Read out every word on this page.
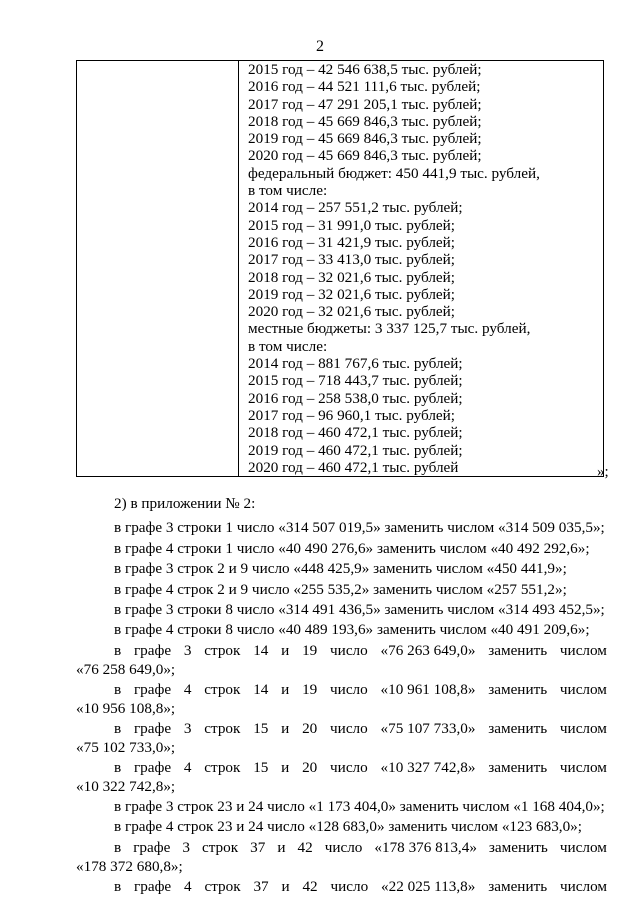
2

2015 год – 42 546 638,5 тыс. рублей;
2016 год – 44 521 111,6 тыс. рублей;
2017 год – 47 291 205,1 тыс. рублей;
2018 год – 45 669 846,3 тыс. рублей;
2019 год – 45 669 846,3 тыс. рублей;
2020 год – 45 669 846,3 тыс. рублей;
федеральный бюджет: 450 441,9 тыс. рублей,
в том числе:
2014 год – 257 551,2 тыс. рублей;
2015 год – 31 991,0 тыс. рублей;
2016 год – 31 421,9 тыс. рублей;
2017 год – 33 413,0 тыс. рублей;
2018 год – 32 021,6 тыс. рублей;
2019 год – 32 021,6 тыс. рублей;
2020 год – 32 021,6 тыс. рублей;
местные бюджеты: 3 337 125,7 тыс. рублей,
в том числе:
2014 год – 881 767,6 тыс. рублей;
2015 год – 718 443,7 тыс. рублей;
2016 год – 258 538,0 тыс. рублей;
2017 год – 96 960,1 тыс. рублей;
2018 год – 460 472,1 тыс. рублей;
2019 год – 460 472,1 тыс. рублей;
2020 год – 460 472,1 тыс. рублей	»;
2) в приложении № 2:
в графе 3 строки 1 число «314 507 019,5» заменить числом «314 509 035,5»;
в графе 4 строки 1 число «40 490 276,6» заменить числом «40 492 292,6»;
в графе 3 строк 2 и 9 число «448 425,9» заменить числом «450 441,9»;
в графе 4 строк 2 и 9 число «255 535,2» заменить числом «257 551,2»;
в графе 3 строки 8 число «314 491 436,5» заменить числом «314 493 452,5»;
в графе 4 строки 8 число «40 489 193,6» заменить числом «40 491 209,6»;
в графе 3 строк 14 и 19 число «76 263 649,0» заменить числом
«76 258 649,0»;
в графе 4 строк 14 и 19 число «10 961 108,8» заменить числом
«10 956 108,8»;
в графе 3 строк 15 и 20 число «75 107 733,0» заменить числом
«75 102 733,0»;
в графе 4 строк 15 и 20 число «10 327 742,8» заменить числом
«10 322 742,8»;
в графе 3 строк 23 и 24 число «1 173 404,0» заменить числом «1 168 404,0»;
в графе 4 строк 23 и 24 число «128 683,0» заменить числом «123 683,0»;
в графе 3 строк 37 и 42 число «178 376 813,4» заменить числом
«178 372 680,8»;
в графе 4 строк 37 и 42 число «22 025 113,8» заменить числом
